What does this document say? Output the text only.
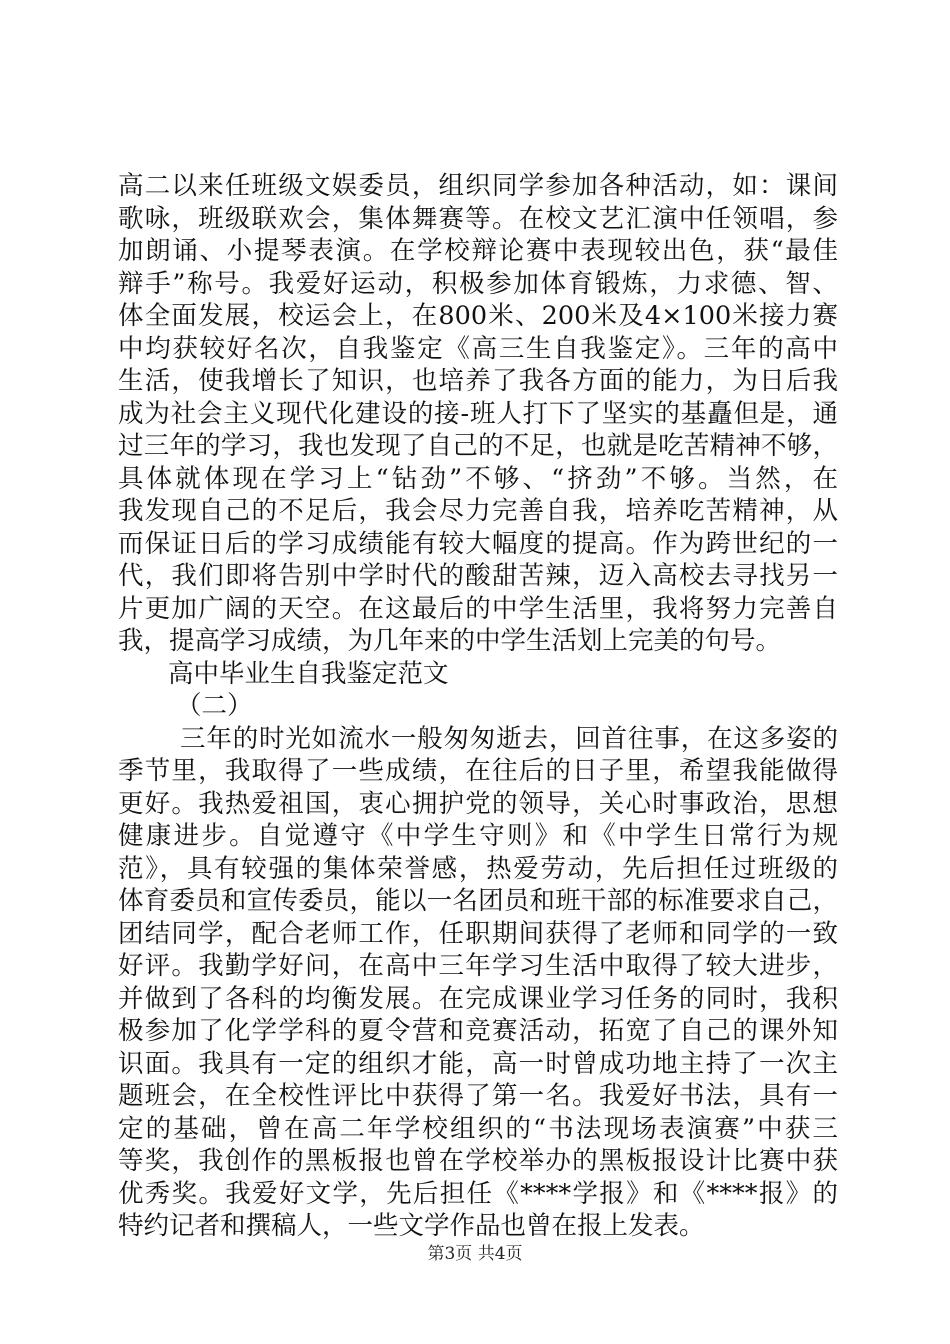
高二以来任班级文娱委员，组织同学参加各种活动，如：课间
歌咏，班级联欢会，集体舞赛等。在校文艺汇演中任领唱，参
加朗诵、小提琴表演。在学校辩论赛中表现较出色，获“最佳
辩手”称号。我爱好运动，积极参加体育锻炼，力求德、智、
体全面发展，校运会上，在800米、200米及4×100米接力赛
中均获较好名次，自我鉴定《高三生自我鉴定》。三年的高中
生活，使我增长了知识，也培养了我各方面的能力，为日后我
成为社会主义现代化建设的接-班人打下了坚实的基矗但是，通
过三年的学习，我也发现了自己的不足，也就是吃苦精神不够，
具体就体现在学习上“钻劲”不够、“挤劲”不够。当然，在
我发现自己的不足后，我会尽力完善自我，培养吃苦精神，从
而保证日后的学习成绩能有较大幅度的提高。作为跨世纪的一
代，我们即将告别中学时代的酸甜苦辣，迈入高校去寻找另一
片更加广阔的天空。在这最后的中学生活里，我将努力完善自
我，提高学习成绩，为几年来的中学生活划上完美的句号。
高中毕业生自我鉴定范文
（二）
三年的时光如流水一般匆匆逝去，回首往事，在这多姿的
季节里，我取得了一些成绩，在往后的日子里，希望我能做得
更好。我热爱祖国，衷心拥护党的领导，关心时事政治，思想
健康进步。自觉遵守《中学生守则》和《中学生日常行为规
范》，具有较强的集体荣誉感，热爱劳动，先后担任过班级的
体育委员和宣传委员，能以一名团员和班干部的标准要求自己，
团结同学，配合老师工作，任职期间获得了老师和同学的一致
好评。我勤学好问，在高中三年学习生活中取得了较大进步，
并做到了各科的均衡发展。在完成课业学习任务的同时，我积
极参加了化学学科的夏令营和竞赛活动，拓宽了自己的课外知
识面。我具有一定的组织才能，高一时曾成功地主持了一次主
题班会，在全校性评比中获得了第一名。我爱好书法，具有一
定的基础，曾在高二年学校组织的“书法现场表演赛”中获三
等奖，我创作的黑板报也曾在学校举办的黑板报设计比赛中获
优秀奖。我爱好文学，先后担任《****学报》和《****报》的
特约记者和撰稿人，一些文学作品也曾在报上发表。
第3页 共4页
